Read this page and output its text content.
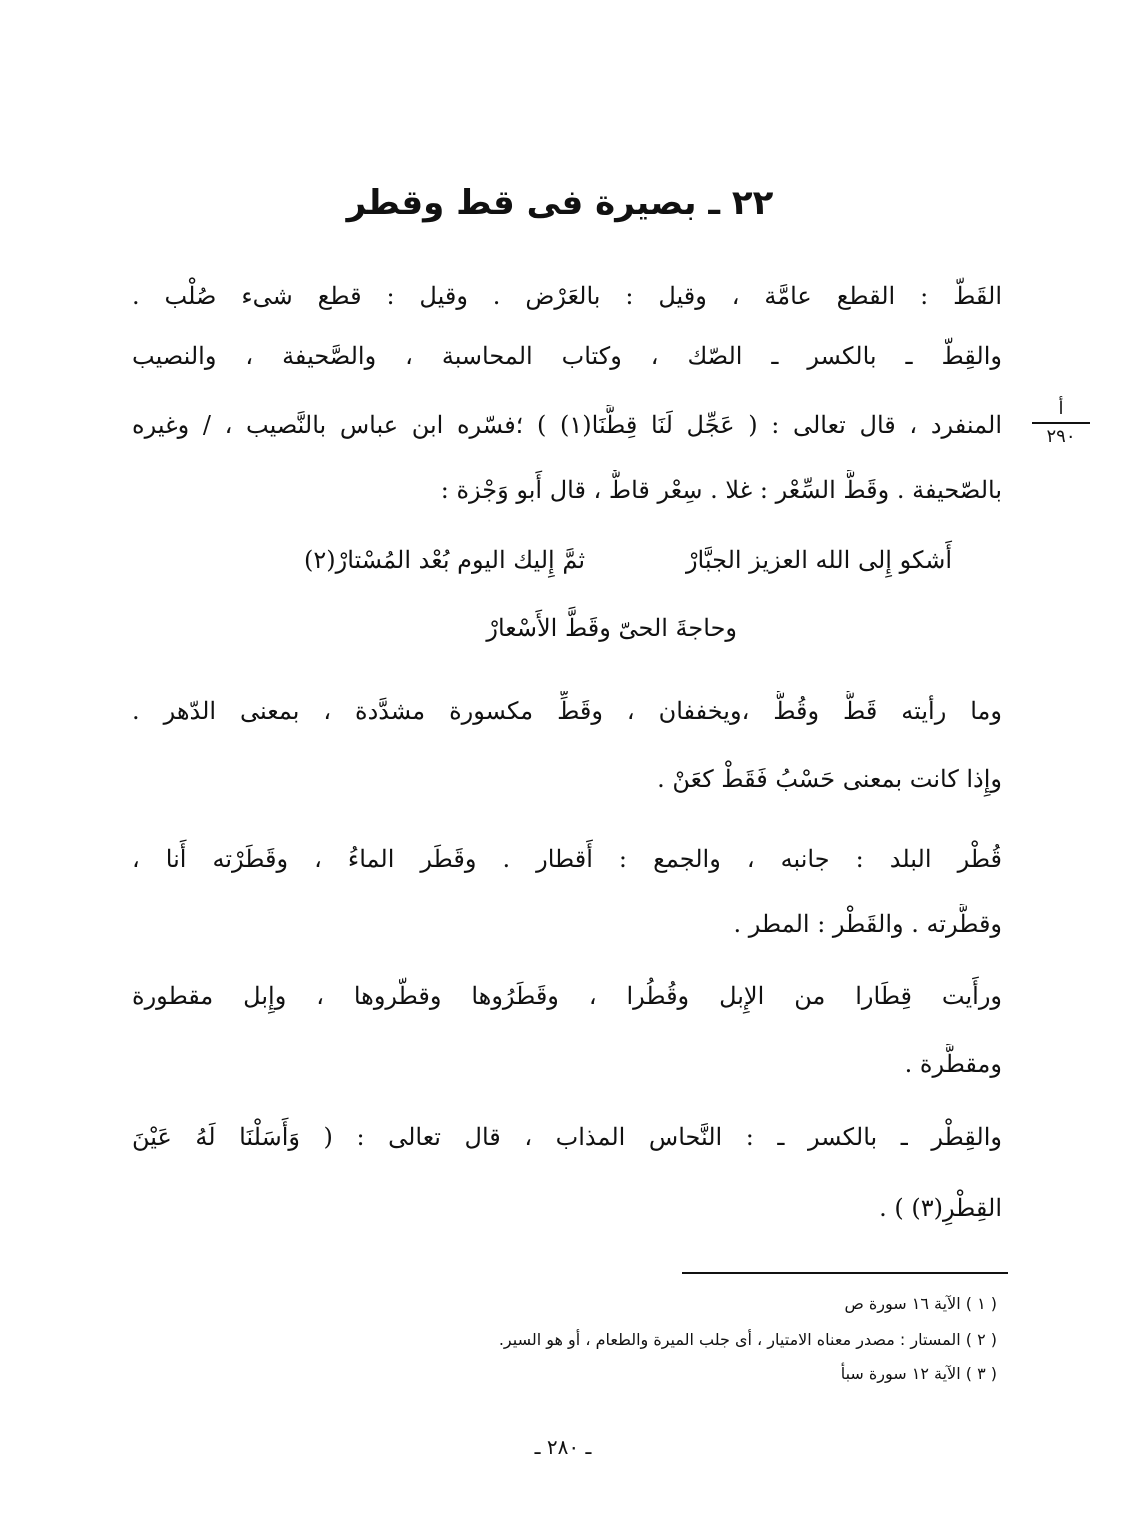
٢٢ ـ بصيرة فى قط وقطر
أ
٢٩٠
القَطّ : القطع عامَّة ، وقيل : بالعَرْض . وقيل : قطع شىء صُلْب .
والقِطّ ـ بالكسر ـ الصّك ، وكتاب المحاسبة ، والصَّحيفة ، والنصيب
المنفرد ، قال تعالى : ( عَجِّل لَنَا قِطَّنَا(١) ) ؛فسّره ابن عباس بالنَّصيب ، / وغيره
بالصّحيفة . وقَطَّ السِّعْر : غلا . سِعْر قاطٌّ ، قال أَبو وَجْزة :
أَشكو إِلى الله العزيز الجبَّارْ
ثمَّ إِليك اليوم بُعْد المُسْتارْ(٢)
وحاجةَ الحىّ وقَطَّ الأَسْعارْ
وما رأيته قَطُّ وقُطُّ ،ويخففان ، وقَطِّ مكسورة مشدَّدة ، بمعنى الدّهر .
وإِذا كانت بمعنى حَسْبُ فَقَطْ كعَنْ .
قُطْر البلد : جانبه ، والجمع : أَقطار . وقَطَر الماءُ ، وقَطَرْته أَنا ،
وقطَّرته . والقَطْر : المطر .
ورأَيت قِطَارا من الإِبل وقُطُرا ، وقَطَرُوها وقطّروها ، وإِبل مقطورة
ومقطَّرة .
والقِطْر ـ بالكسر ـ : النَّحاس المذاب ، قال تعالى : ( وَأَسَلْنَا لَهُ عَيْنَ
القِطْرِ(٣) ) .
( ١ ) الآية ١٦ سورة ص
( ٢ ) المستار : مصدر معناه الامتيار ، أى جلب الميرة والطعام ، أو هو السير.
( ٣ ) الآية ١٢ سورة سبأ
ـ ٢٨٠ ـ
